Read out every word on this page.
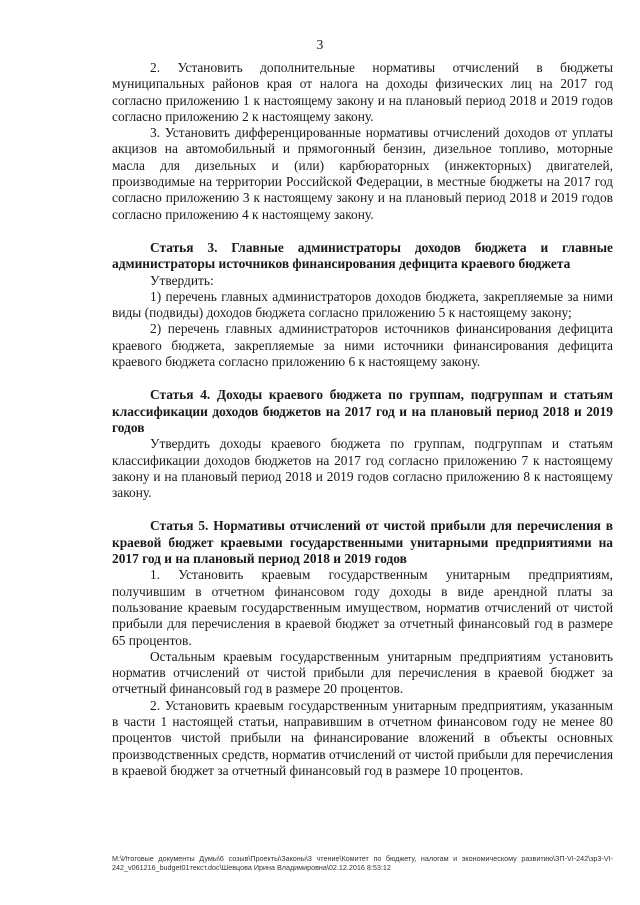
3

2. Установить дополнительные нормативы отчислений в бюджеты муниципальных районов края от налога на доходы физических лиц на 2017 год согласно приложению 1 к настоящему закону и на плановый период 2018 и 2019 годов согласно приложению 2 к настоящему закону.

3. Установить дифференцированные нормативы отчислений доходов от уплаты акцизов на автомобильный и прямогонный бензин, дизельное топливо, моторные масла для дизельных и (или) карбюраторных (инжекторных) двигателей, производимые на территории Российской Федерации, в местные бюджеты на 2017 год согласно приложению 3 к настоящему закону и на плановый период 2018 и 2019 годов согласно приложению 4 к настоящему закону.

Статья 3. Главные администраторы доходов бюджета и главные администраторы источников финансирования дефицита краевого бюджета

Утвердить:

1) перечень главных администраторов доходов бюджета, закрепляемые за ними виды (подвиды) доходов бюджета согласно приложению 5 к настоящему закону;

2) перечень главных администраторов источников финансирования дефицита краевого бюджета, закрепляемые за ними источники финансирования дефицита краевого бюджета согласно приложению 6 к настоящему закону.

Статья 4. Доходы краевого бюджета по группам, подгруппам и статьям классификации доходов бюджетов на 2017 год и на плановый период 2018 и 2019 годов

Утвердить доходы краевого бюджета по группам, подгруппам и статьям классификации доходов бюджетов на 2017 год согласно приложению 7 к настоящему закону и на плановый период 2018 и 2019 годов согласно приложению 8 к настоящему закону.

Статья 5. Нормативы отчислений от чистой прибыли для перечисления в краевой бюджет краевыми государственными унитарными предприятиями на 2017 год и на плановый период 2018 и 2019 годов

1. Установить краевым государственным унитарным предприятиям, получившим в отчетном финансовом году доходы в виде арендной платы за пользование краевым государственным имуществом, норматив отчислений от чистой прибыли для перечисления в краевой бюджет за отчетный финансовый год в размере 65 процентов.

Остальным краевым государственным унитарным предприятиям установить норматив отчислений от чистой прибыли для перечисления в краевой бюджет за отчетный финансовый год в размере 20 процентов.

2. Установить краевым государственным унитарным предприятиям, указанным в части 1 настоящей статьи, направившим в отчетном финансовом году не менее 80 процентов чистой прибыли на финансирование вложений в объекты основных производственных средств, норматив отчислений от чистой прибыли для перечисления в краевой бюджет за отчетный финансовый год в размере 10 процентов.

M:\Итоговые документы Думы\6 созыв\Проекты\Законы\3 чтение\Комитет по бюджету, налогам и экономическому развитию\ЗП-VI-242\зр3-VI-242_v061216_budget01текст.doc\Шевцова Ирина Владимировна\02.12.2016 8:53:12
